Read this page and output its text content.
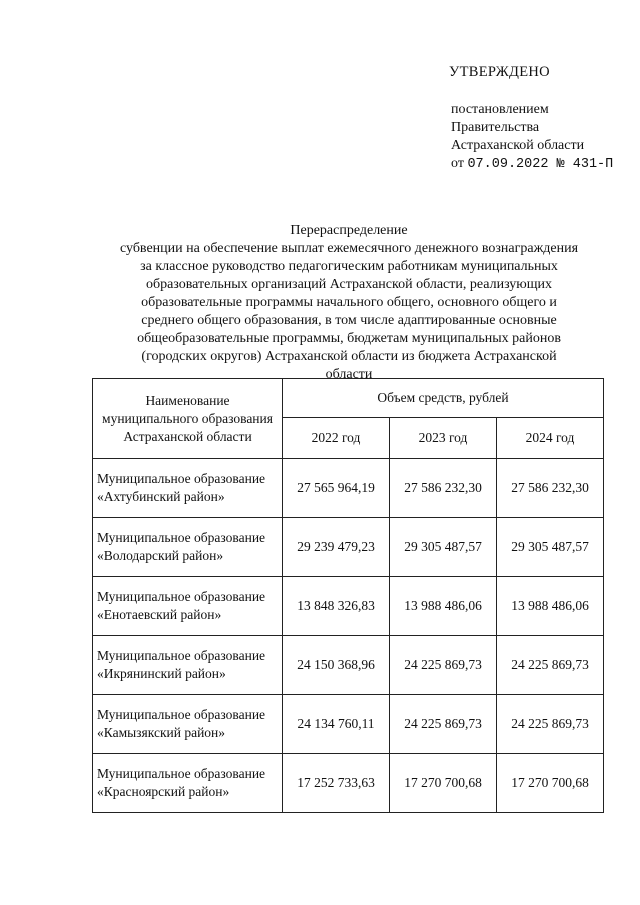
УТВЕРЖДЕНО
постановлением
Правительства
Астраханской области
от 07.09.2022 № 431-П
Перераспределение
субвенции на обеспечение выплат ежемесячного денежного вознаграждения
за классное руководство педагогическим работникам муниципальных
образовательных организаций Астраханской области, реализующих
образовательные программы начального общего, основного общего и
среднего общего образования, в том числе адаптированные основные
общеобразовательные программы, бюджетам муниципальных районов
(городских округов) Астраханской области из бюджета Астраханской
области
Наименование муниципального образования Астраханской области	Объем средств, рублей		
	2022 год	2023 год	2024 год
Муниципальное образование «Ахтубинский район»	27 565 964,19	27 586 232,30	27 586 232,30
Муниципальное образование «Володарский район»	29 239 479,23	29 305 487,57	29 305 487,57
Муниципальное образование «Енотаевский район»	13 848 326,83	13 988 486,06	13 988 486,06
Муниципальное образование «Икрянинский район»	24 150 368,96	24 225 869,73	24 225 869,73
Муниципальное образование «Камызякский район»	24 134 760,11	24 225 869,73	24 225 869,73
Муниципальное образование «Красноярский район»	17 252 733,63	17 270 700,68	17 270 700,68
